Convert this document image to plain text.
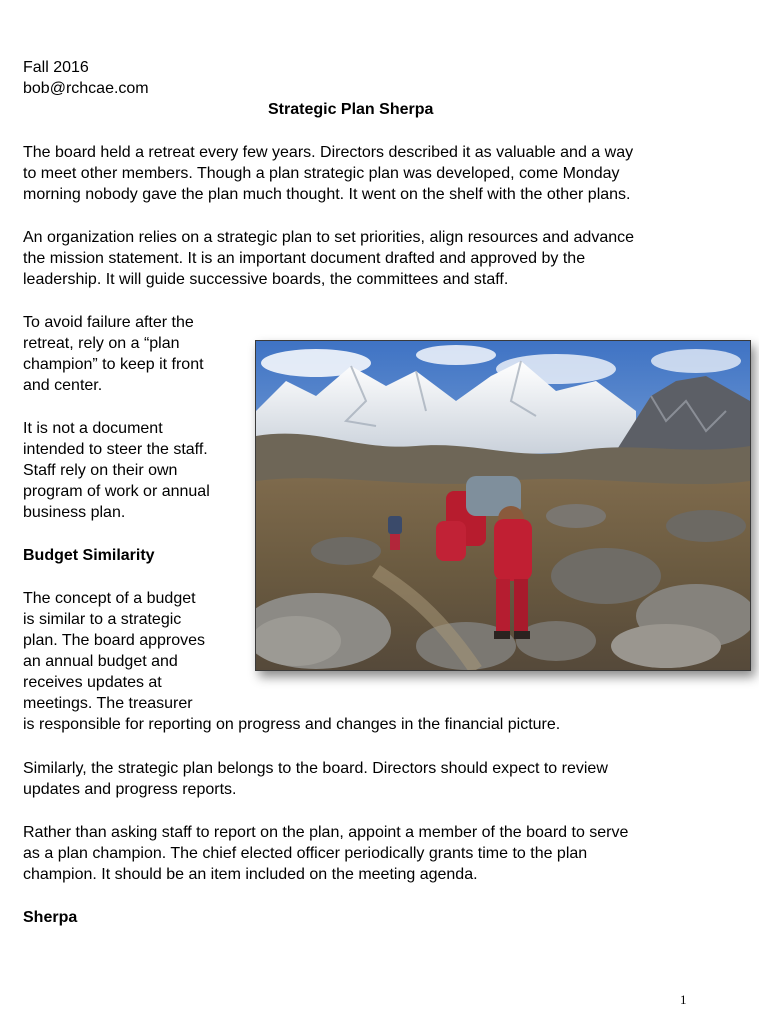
Fall 2016

bob@rchcae.com

Strategic Plan Sherpa

The board held a retreat every few years. Directors described it as valuable and a way

to meet other members. Though a plan strategic plan was developed, come Monday

morning nobody gave the plan much thought. It went on the shelf with the other plans.

An organization relies on a strategic plan to set priorities, align resources and advance

the mission statement. It is an important document drafted and approved by the

leadership. It will guide successive boards, the committees and staff.

To avoid failure after the

retreat, rely on a “plan

champion” to keep it front

and center.

It is not a document

intended to steer the staff.

Staff rely on their own

program of work or annual

business plan.

Budget Similarity

The concept of a budget

is similar to a strategic

plan. The board approves

an annual budget and

receives updates at

meetings. The treasurer

is responsible for reporting on progress and changes in the financial picture.

Similarly, the strategic plan belongs to the board. Directors should expect to review

updates and progress reports.

Rather than asking staff to report on the plan, appoint a member of the board to serve

as a plan champion. The chief elected officer periodically grants time to the plan

champion. It should be an item included on the meeting agenda.

Sherpa

1
